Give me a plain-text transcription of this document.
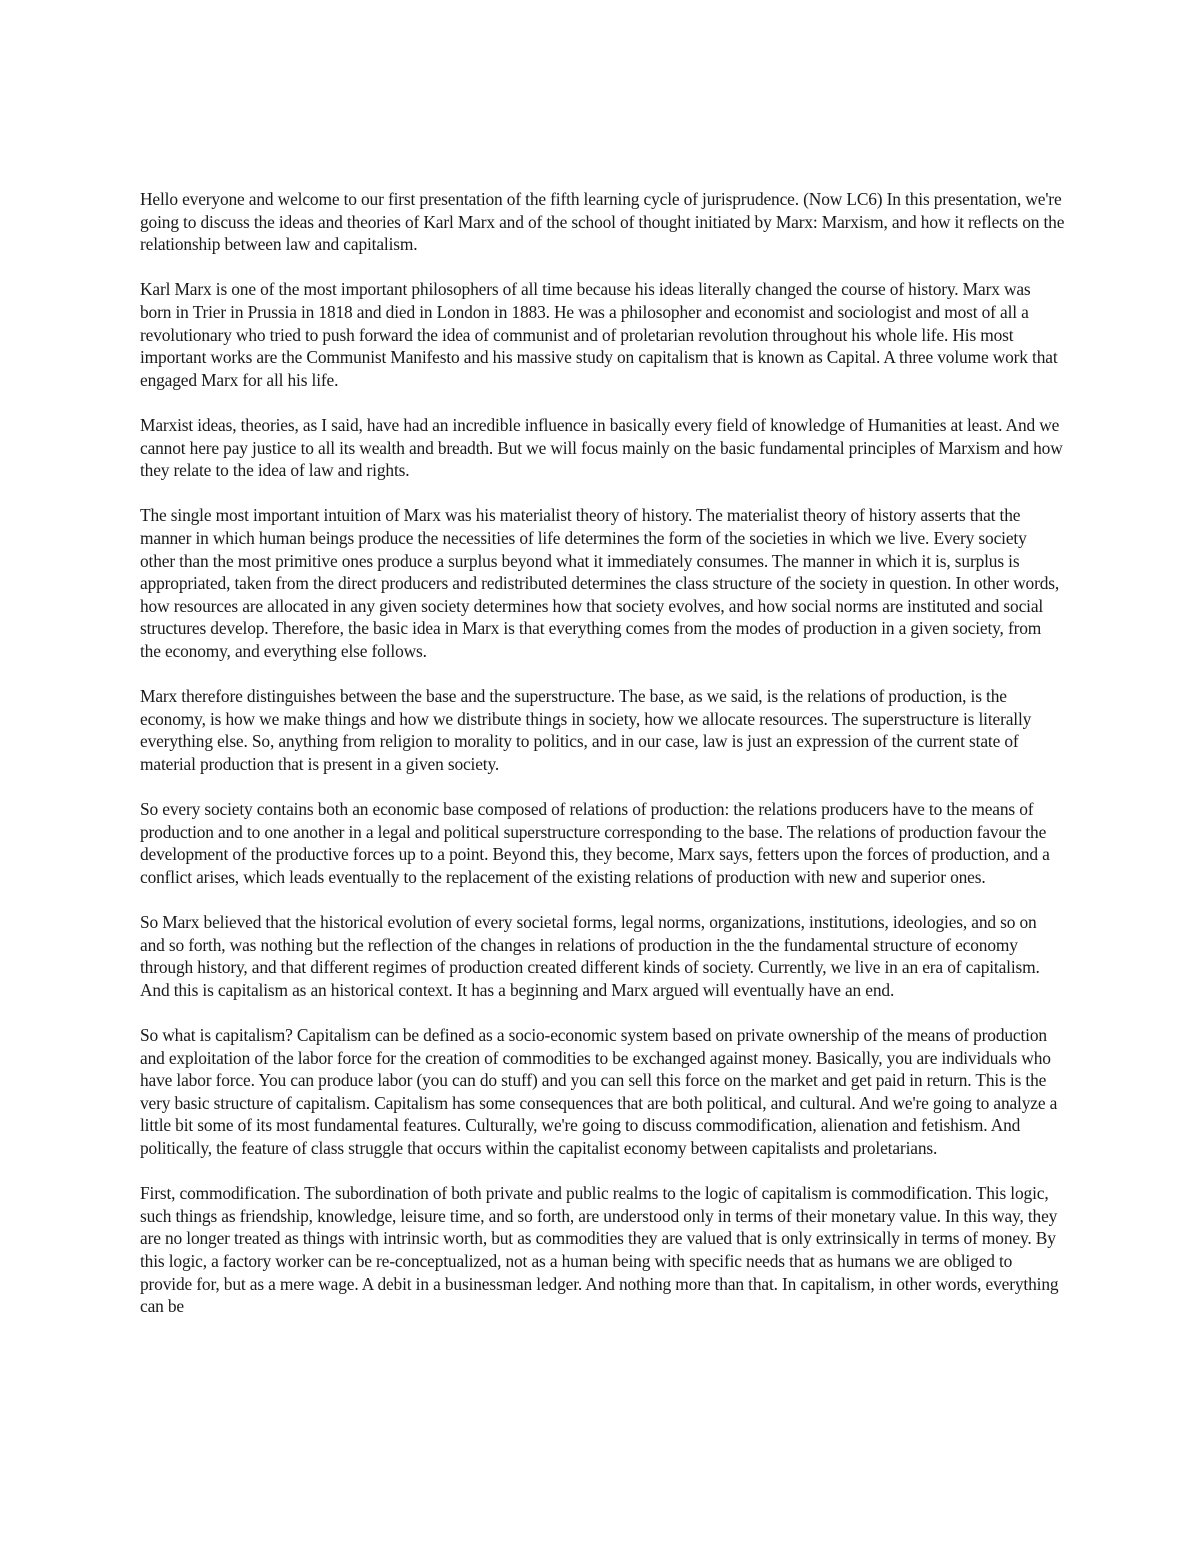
Hello everyone and welcome to our first presentation of the fifth learning cycle of jurisprudence. (Now LC6) In this presentation, we're going to discuss the ideas and theories of Karl Marx and of the school of thought initiated by Marx: Marxism, and how it reflects on the relationship between law and capitalism.

Karl Marx is one of the most important philosophers of all time because his ideas literally changed the course of history. Marx was born in Trier in Prussia in 1818 and died in London in 1883. He was a philosopher and economist and sociologist and most of all a revolutionary who tried to push forward the idea of communist and of proletarian revolution throughout his whole life. His most important works are the Communist Manifesto and his massive study on capitalism that is known as Capital. A three volume work that engaged Marx for all his life.

Marxist ideas, theories, as I said, have had an incredible influence in basically every field of knowledge of Humanities at least. And we cannot here pay justice to all its wealth and breadth. But we will focus mainly on the basic fundamental principles of Marxism and how they relate to the idea of law and rights.

The single most important intuition of Marx was his materialist theory of history. The materialist theory of history asserts that the manner in which human beings produce the necessities of life determines the form of the societies in which we live. Every society other than the most primitive ones produce a surplus beyond what it immediately consumes. The manner in which it is, surplus is appropriated, taken from the direct producers and redistributed determines the class structure of the society in question. In other words, how resources are allocated in any given society determines how that society evolves, and how social norms are instituted and social structures develop. Therefore, the basic idea in Marx is that everything comes from the modes of production in a given society, from the economy, and everything else follows.

Marx therefore distinguishes between the base and the superstructure. The base, as we said, is the relations of production, is the economy, is how we make things and how we distribute things in society, how we allocate resources. The superstructure is literally everything else. So, anything from religion to morality to politics, and in our case, law is just an expression of the current state of material production that is present in a given society.

So every society contains both an economic base composed of relations of production: the relations producers have to the means of production and to one another in a legal and political superstructure corresponding to the base. The relations of production favour the development of the productive forces up to a point. Beyond this, they become, Marx says, fetters upon the forces of production, and a conflict arises, which leads eventually to the replacement of the existing relations of production with new and superior ones.

So Marx believed that the historical evolution of every societal forms, legal norms, organizations, institutions, ideologies, and so on and so forth, was nothing but the reflection of the changes in relations of production in the the fundamental structure of economy through history, and that different regimes of production created different kinds of society. Currently, we live in an era of capitalism. And this is capitalism as an historical context. It has a beginning and Marx argued will eventually have an end.

So what is capitalism? Capitalism can be defined as a socio-economic system based on private ownership of the means of production and exploitation of the labor force for the creation of commodities to be exchanged against money. Basically, you are individuals who have labor force. You can produce labor (you can do stuff) and you can sell this force on the market and get paid in return. This is the very basic structure of capitalism. Capitalism has some consequences that are both political, and cultural. And we're going to analyze a little bit some of its most fundamental features. Culturally, we're going to discuss commodification, alienation and fetishism. And politically, the feature of class struggle that occurs within the capitalist economy between capitalists and proletarians.

First, commodification. The subordination of both private and public realms to the logic of capitalism is commodification. This logic, such things as friendship, knowledge, leisure time, and so forth, are understood only in terms of their monetary value. In this way, they are no longer treated as things with intrinsic worth, but as commodities they are valued that is only extrinsically in terms of money. By this logic, a factory worker can be re-conceptualized, not as a human being with specific needs that as humans we are obliged to provide for, but as a mere wage. A debit in a businessman ledger. And nothing more than that. In capitalism, in other words, everything can be
